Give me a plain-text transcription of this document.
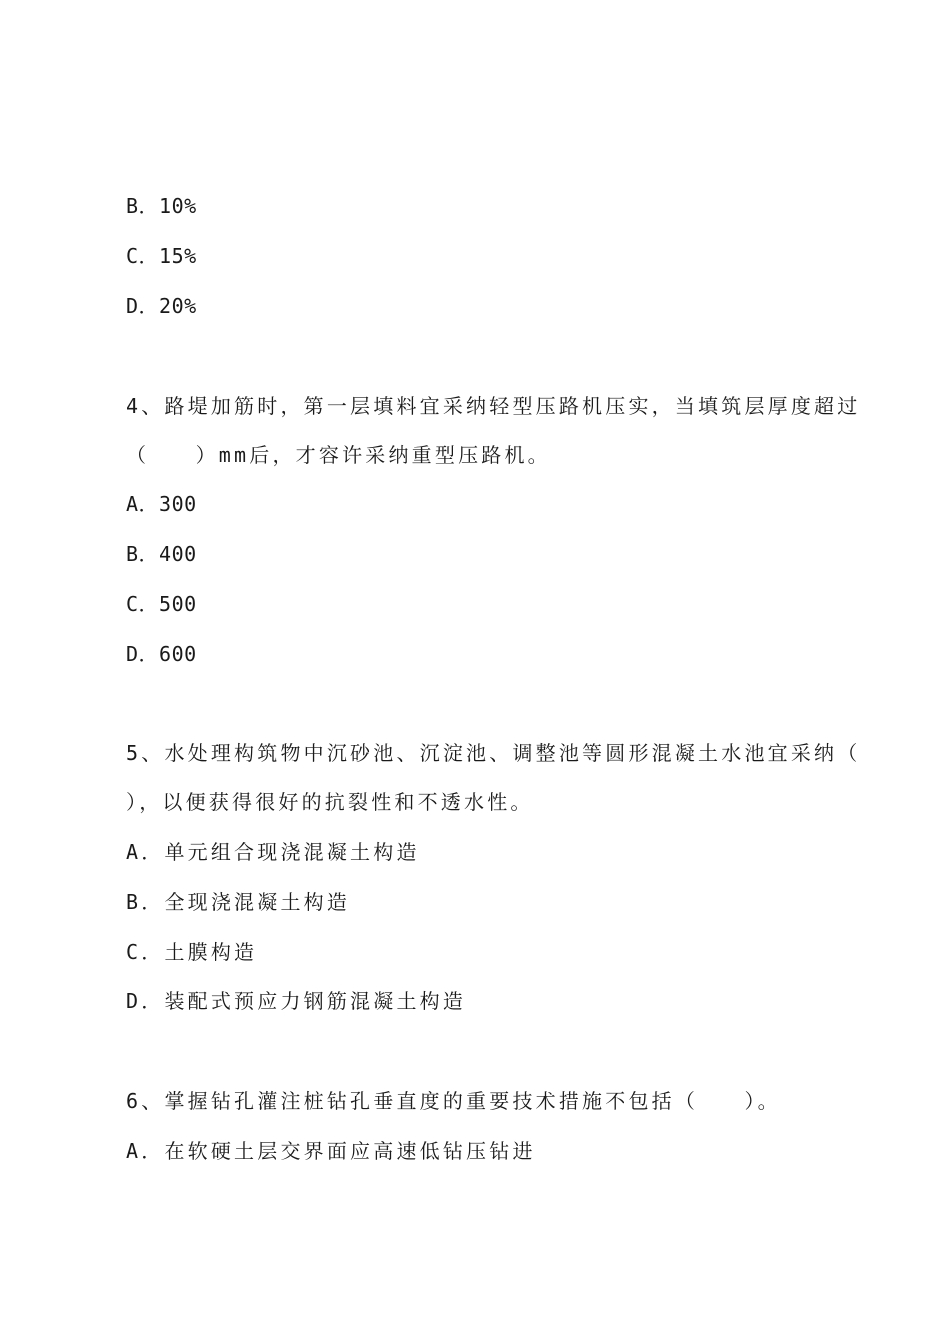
B．10%
C．15%
D．20%
4、路堤加筋时，第一层填料宜采纳轻型压路机压实，当填筑层厚度超过
（　　）mm后，才容许采纳重型压路机。
A．300
B．400
C．500
D．600
5、水处理构筑物中沉砂池、沉淀池、调整池等圆形混凝土水池宜采纳（
），以便获得很好的抗裂性和不透水性。
A．单元组合现浇混凝土构造
B．全现浇混凝土构造
C．土膜构造
D．装配式预应力钢筋混凝土构造
6、掌握钻孔灌注桩钻孔垂直度的重要技术措施不包括（　　）。
A．在软硬土层交界面应高速低钻压钻进
